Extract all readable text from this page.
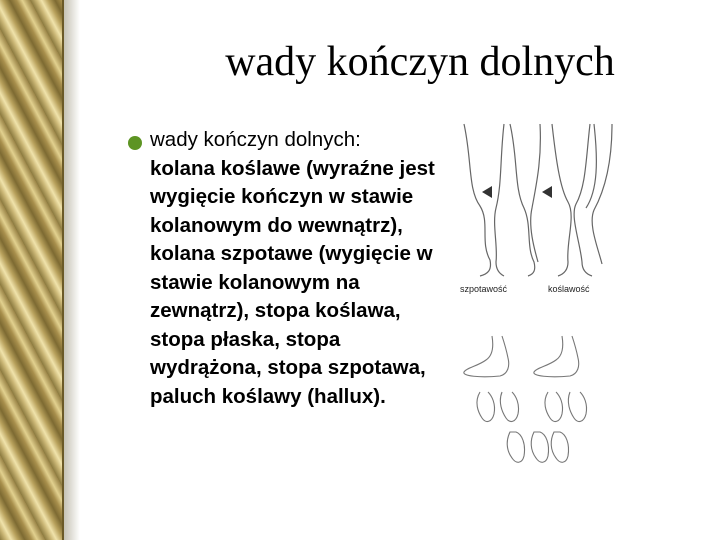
wady kończyn dolnych
wady kończyn dolnych:
kolana koślawe (wyraźne jest wygięcie kończyn w stawie kolanowym do wewnątrz), kolana szpotawe (wygięcie w stawie kolanowym na zewnątrz), stopa koślawa, stopa płaska, stopa wydrążona, stopa szpotawa, paluch koślawy (hallux).
szpotawość	koślawość
